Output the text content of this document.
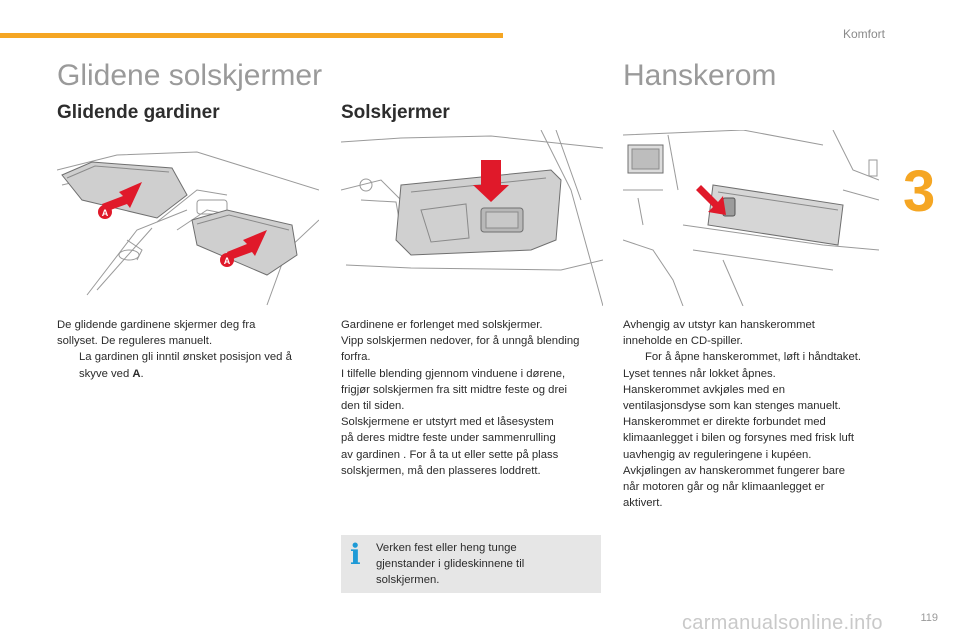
Komfort
3
Glidene solskjermer	Hanskerom
Glidende gardiner	Solskjermer
A
A

De glidende gardinene skjermer deg fra

sollyset. De reguleres manuelt.

La gardinen gli inntil ønsket posisjon ved å

skyve ved A.

Gardinene er forlenget med solskjermer.

Vipp solskjermen nedover, for å unngå blending

forfra.

I tilfelle blending gjennom vinduene i dørene,

frigjør solskjermen fra sitt midtre feste og drei

den til siden.

Solskjermene er utstyrt med et låsesystem

på deres midtre feste under sammenrulling

av gardinen . For å ta ut eller sette på plass

solskjermen, må den plasseres loddrett.

i	Verken fest eller heng tunge
gjenstander i glideskinnene til
solskjermen.

Avhengig av utstyr kan hanskerommet

inneholde en CD-spiller.

For å åpne hanskerommet, løft i håndtaket.

Lyset tennes når lokket åpnes.

Hanskerommet avkjøles med en

ventilasjonsdyse som kan stenges manuelt.

Hanskerommet er direkte forbundet med

klimaanlegget i bilen og forsynes med frisk luft

uavhengig av reguleringene i kupéen.

Avkjølingen av hanskerommet fungerer bare

når motoren går og når klimaanlegget er

aktivert.

carmanualsonline.info	119
